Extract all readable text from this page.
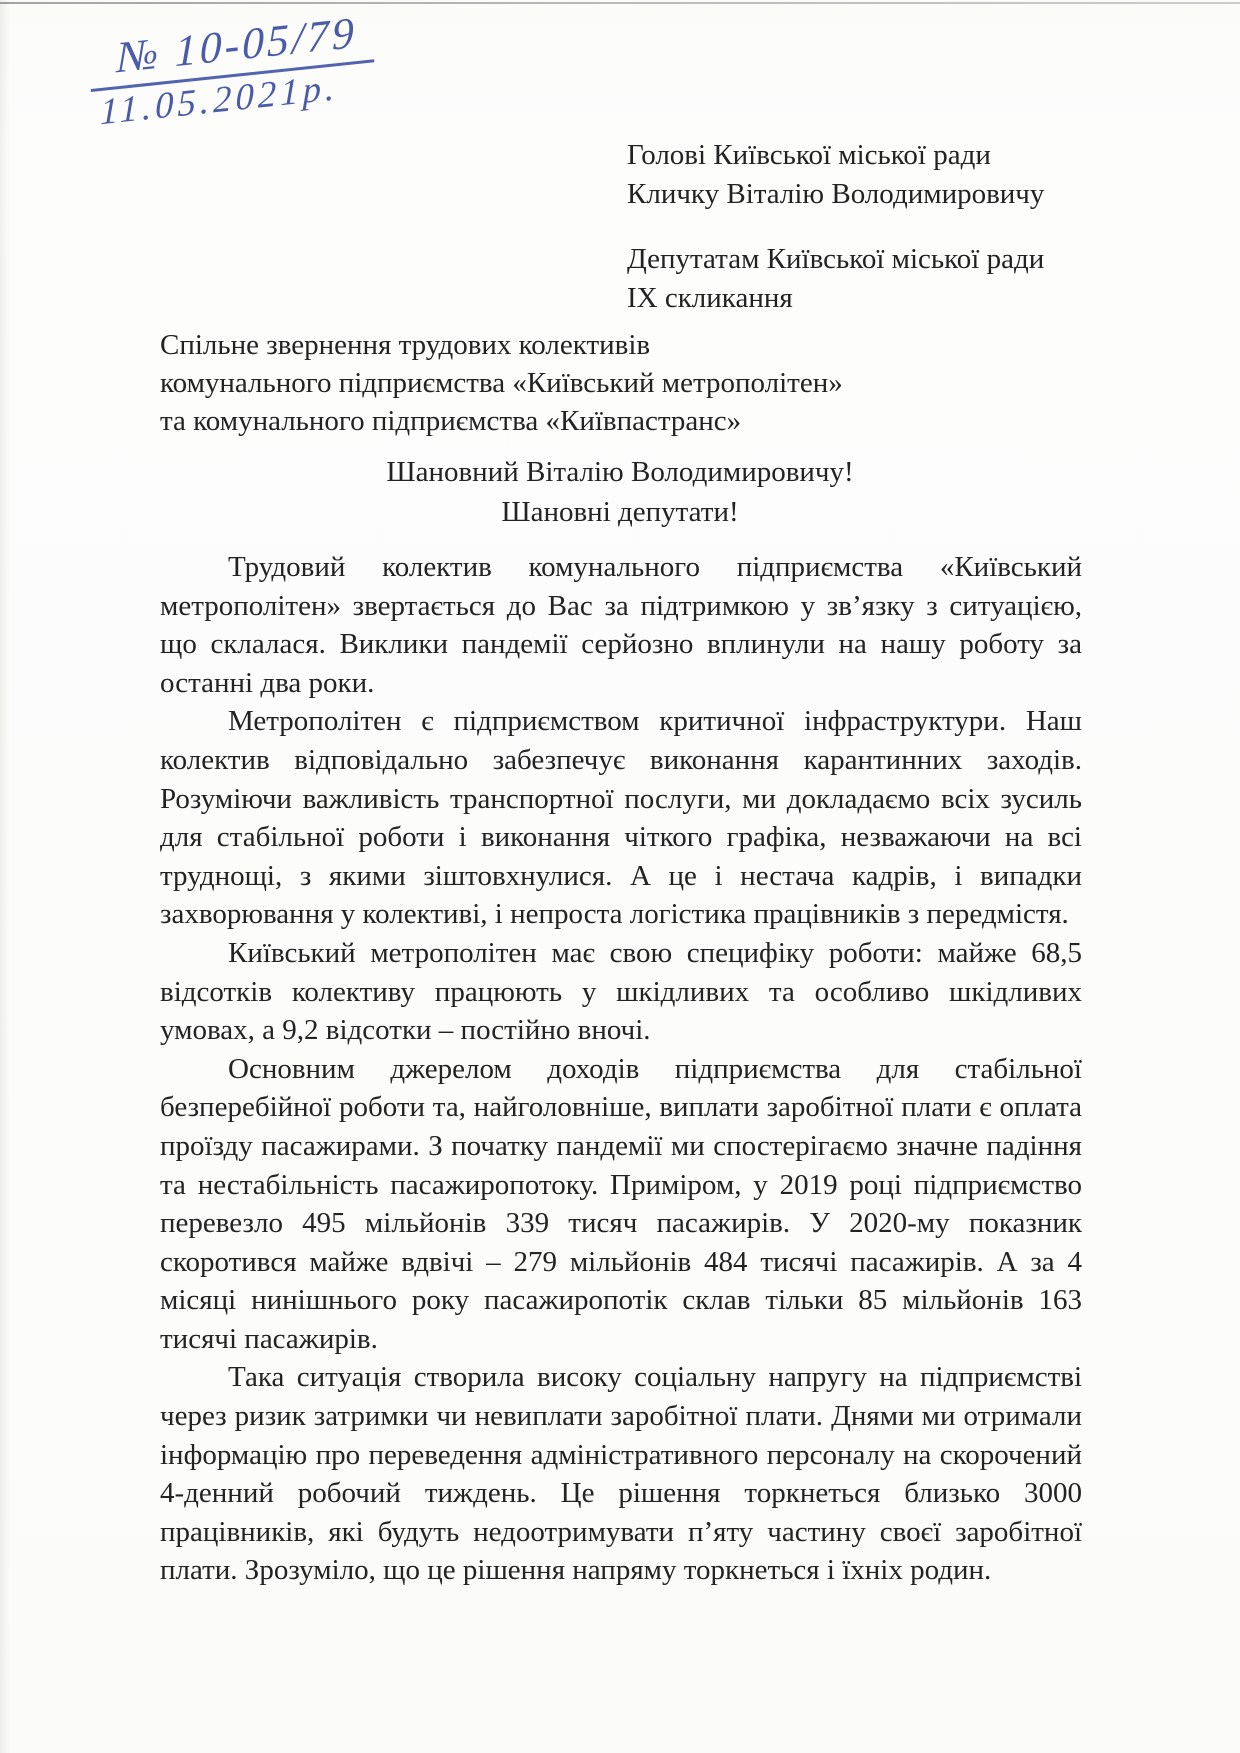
№ 10-05/79
11.05.2021р.
Голові Київської міської ради
Кличку Віталію Володимировичу
Депутатам Київської міської ради
ІХ скликання
Спільне звернення трудових колективів
комунального підприємства «Київський метрополітен»
та комунального підприємства «Київпастранс»
Шановний Віталію Володимировичу!
Шановні депутати!

Трудовий колектив комунального підприємства «Київський метрополітен» звертається до Вас за підтримкою у зв’язку з ситуацією, що склалася. Виклики пандемії серйозно вплинули на нашу роботу за останні два роки.

Метрополітен є підприємством критичної інфраструктури. Наш колектив відповідально забезпечує виконання карантинних заходів. Розуміючи важливість транспортної послуги, ми докладаємо всіх зусиль для стабільної роботи і виконання чіткого графіка, незважаючи на всі труднощі, з якими зіштовхнулися. А це і нестача кадрів, і випадки захворювання у колективі, і непроста логістика працівників з передмістя.

Київський метрополітен має свою специфіку роботи: майже 68,5 відсотків колективу працюють у шкідливих та особливо шкідливих умовах, а 9,2 відсотки – постійно вночі.

Основним джерелом доходів підприємства для стабільної безперебійної роботи та, найголовніше, виплати заробітної плати є оплата проїзду пасажирами. З початку пандемії ми спостерігаємо значне падіння та нестабільність пасажиропотоку. Приміром, у 2019 році підприємство перевезло 495 мільйонів 339 тисяч пасажирів. У 2020-му показник скоротився майже вдвічі – 279 мільйонів 484 тисячі пасажирів. А за 4 місяці нинішнього року пасажиропотік склав тільки 85 мільйонів 163 тисячі пасажирів.

Така ситуація створила високу соціальну напругу на підприємстві через ризик затримки чи невиплати заробітної плати. Днями ми отримали інформацію про переведення адміністративного персоналу на скорочений 4-денний робочий тиждень. Це рішення торкнеться близько 3000 працівників, які будуть недоотримувати п’яту частину своєї заробітної плати. Зрозуміло, що це рішення напряму торкнеться і їхніх родин.
